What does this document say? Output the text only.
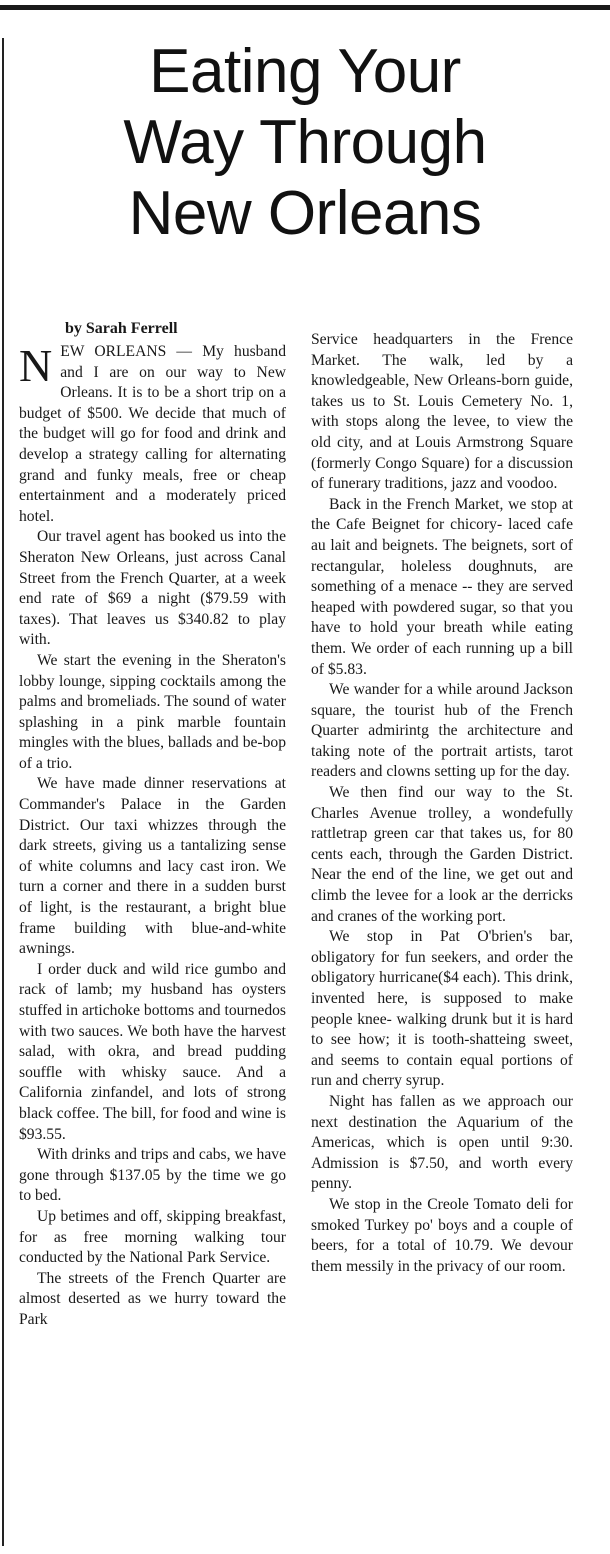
Eating Your
Way Through
New Orleans
by Sarah Ferrell

NEW ORLEANS — My husband and I are on our way to New Orleans. It is to be a short trip on a budget of $500. We decide that much of the budget will go for food and drink and develop a strategy calling for alternating grand and funky meals, free or cheap entertainment and a moderately priced hotel.

Our travel agent has booked us into the Sheraton New Orleans, just across Canal Street from the French Quarter, at a week end rate of $69 a night ($79.59 with taxes). That leaves us $340.82 to play with.

We start the evening in the Sheraton's lobby lounge, sipping cocktails among the palms and bromeliads. The sound of water splashing in a pink marble fountain mingles with the blues, ballads and be-bop of a trio.

We have made dinner reservations at Commander's Palace in the Garden District. Our taxi whizzes through the dark streets, giving us a tantalizing sense of white columns and lacy cast iron. We turn a corner and there in a sudden burst of light, is the restaurant, a bright blue frame building with blue-and-white awnings.

I order duck and wild rice gumbo and rack of lamb; my husband has oysters stuffed in artichoke bottoms and tournedos with two sauces. We both have the harvest salad, with okra, and bread pudding souffle with whisky sauce. And a California zinfandel, and lots of strong black coffee. The bill, for food and wine is $93.55.

With drinks and trips and cabs, we have gone through $137.05 by the time we go to bed.

Up betimes and off, skipping breakfast, for as free morning walking tour conducted by the National Park Service.

The streets of the French Quarter are almost deserted as we hurry toward the Park

Service headquarters in the Frence Market. The walk, led by a knowledgeable, New Orleans-born guide, takes us to St. Louis Cemetery No. 1, with stops along the levee, to view the old city, and at Louis Armstrong Square (formerly Congo Square) for a discussion of funerary traditions, jazz and voodoo.

Back in the French Market, we stop at the Cafe Beignet for chicory- laced cafe au lait and beignets. The beignets, sort of rectangular, holeless doughnuts, are something of a menace -- they are served heaped with powdered sugar, so that you have to hold your breath while eating them. We order of each running up a bill of $5.83.

We wander for a while around Jackson square, the tourist hub of the French Quarter admirintg the architecture and taking note of the portrait artists, tarot readers and clowns setting up for the day.

We then find our way to the St. Charles Avenue trolley, a wondefully rattletrap green car that takes us, for 80 cents each, through the Garden District. Near the end of the line, we get out and climb the levee for a look ar the derricks and cranes of the working port.

We stop in Pat O'brien's bar, obligatory for fun seekers, and order the obligatory hurricane($4 each). This drink, invented here, is supposed to make people knee- walking drunk but it is hard to see how; it is tooth-shatteing sweet, and seems to contain equal portions of run and cherry syrup.

Night has fallen as we approach our next destination the Aquarium of the Americas, which is open until 9:30. Admission is $7.50, and worth every penny.

We stop in the Creole Tomato deli for smoked Turkey po' boys and a couple of beers, for a total of 10.79. We devour them messily in the privacy of our room.
